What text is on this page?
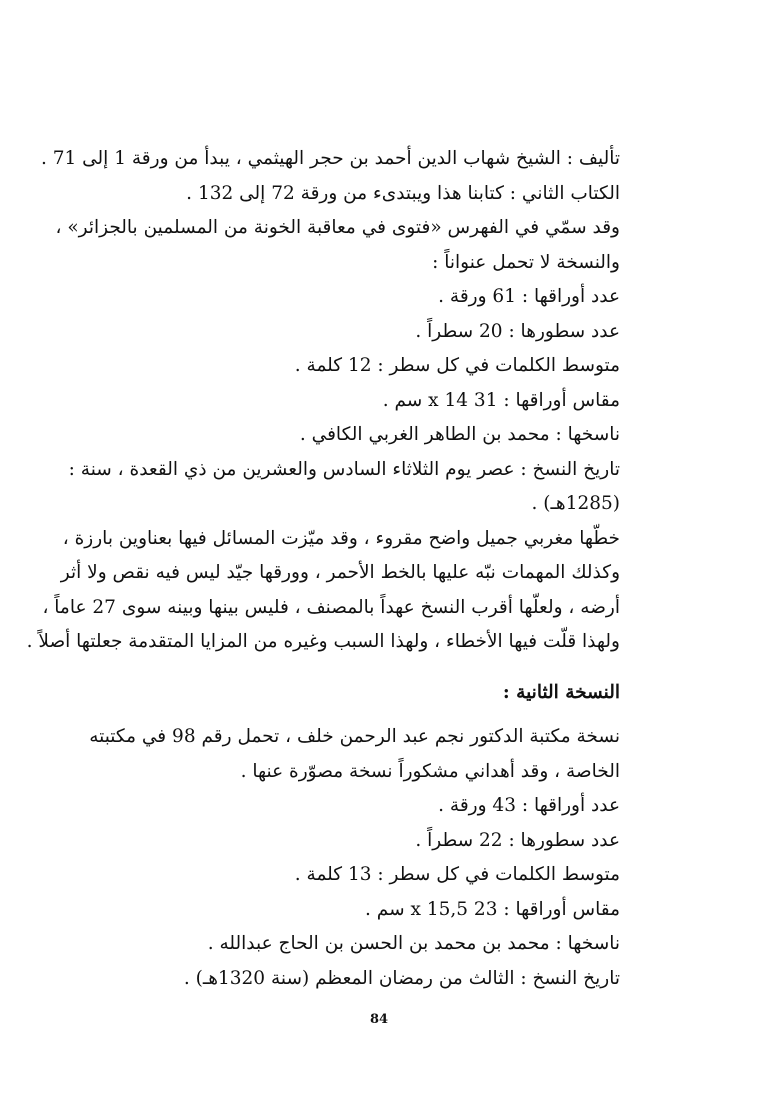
تأليف : الشيخ شهاب الدين أحمد بن حجر الهيثمي ، يبدأ من ورقة 1 إلى 71 .
الكتاب الثاني : كتابنا هذا ويبتدىء من ورقة 72 إلى 132 .
وقد سمّي في الفهرس «فتوى في معاقبة الخونة من المسلمين بالجزائر» ،
والنسخة لا تحمل عنواناً :
عدد أوراقها : 61 ورقة .
عدد سطورها : 20 سطراً .
متوسط الكلمات في كل سطر : 12 كلمة .
مقاس أوراقها : 31 x 14 سم .
ناسخها : محمد بن الطاهر الغربي الكافي .
تاريخ النسخ : عصر يوم الثلاثاء السادس والعشرين من ذي القعدة ، سنة :
(1285هـ) .
خطّها مغربي جميل واضح مقروء ، وقد ميّزت المسائل فيها بعناوين بارزة ،
وكذلك المهمات نبّه عليها بالخط الأحمر ، وورقها جيّد ليس فيه نقص ولا أثر
أرضه ، ولعلّها أقرب النسخ عهداً بالمصنف ، فليس بينها وبينه سوى 27 عاماً ،
ولهذا قلّت فيها الأخطاء ، ولهذا السبب وغيره من المزايا المتقدمة جعلتها أصلاً .
النسخة الثانية :
نسخة مكتبة الدكتور نجم عبد الرحمن خلف ، تحمل رقم 98 في مكتبته
الخاصة ، وقد أهداني مشكوراً نسخة مصوّرة عنها .
عدد أوراقها : 43 ورقة .
عدد سطورها : 22 سطراً .
متوسط الكلمات في كل سطر : 13 كلمة .
مقاس أوراقها : 23 x 15,5 سم .
ناسخها : محمد بن محمد بن الحسن بن الحاج عبدالله .
تاريخ النسخ : الثالث من رمضان المعظم (سنة 1320هـ) .
84
